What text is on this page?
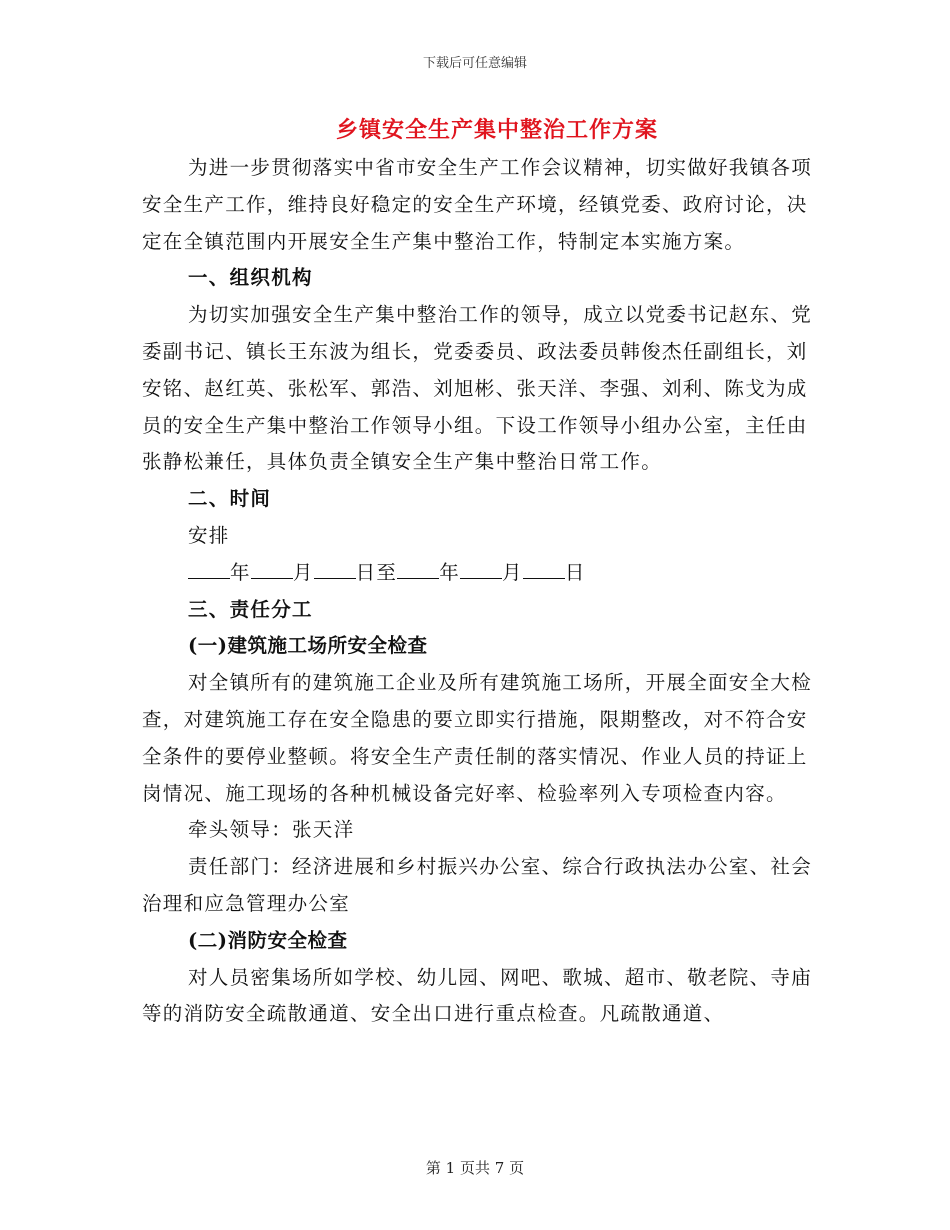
下载后可任意编辑
乡镇安全生产集中整治工作方案

为进一步贯彻落实中省市安全生产工作会议精神，切实做好我镇各项安全生产工作，维持良好稳定的安全生产环境，经镇党委、政府讨论，决定在全镇范围内开展安全生产集中整治工作，特制定本实施方案。

一、组织机构

为切实加强安全生产集中整治工作的领导，成立以党委书记赵东、党委副书记、镇长王东波为组长，党委委员、政法委员韩俊杰任副组长，刘安铭、赵红英、张松军、郭浩、刘旭彬、张天洋、李强、刘利、陈戈为成员的安全生产集中整治工作领导小组。下设工作领导小组办公室，主任由张静松兼任，具体负责全镇安全生产集中整治日常工作。

二、时间

安排

年 月 日至 年 月 日

三、责任分工

(一)建筑施工场所安全检查

对全镇所有的建筑施工企业及所有建筑施工场所，开展全面安全大检查，对建筑施工存在安全隐患的要立即实行措施，限期整改，对不符合安全条件的要停业整顿。将安全生产责任制的落实情况、作业人员的持证上岗情况、施工现场的各种机械设备完好率、检验率列入专项检查内容。

牵头领导：张天洋

责任部门：经济进展和乡村振兴办公室、综合行政执法办公室、社会治理和应急管理办公室

(二)消防安全检查

对人员密集场所如学校、幼儿园、网吧、歌城、超市、敬老院、寺庙等的消防安全疏散通道、安全出口进行重点检查。凡疏散通道、

第 1 页共 7 页
